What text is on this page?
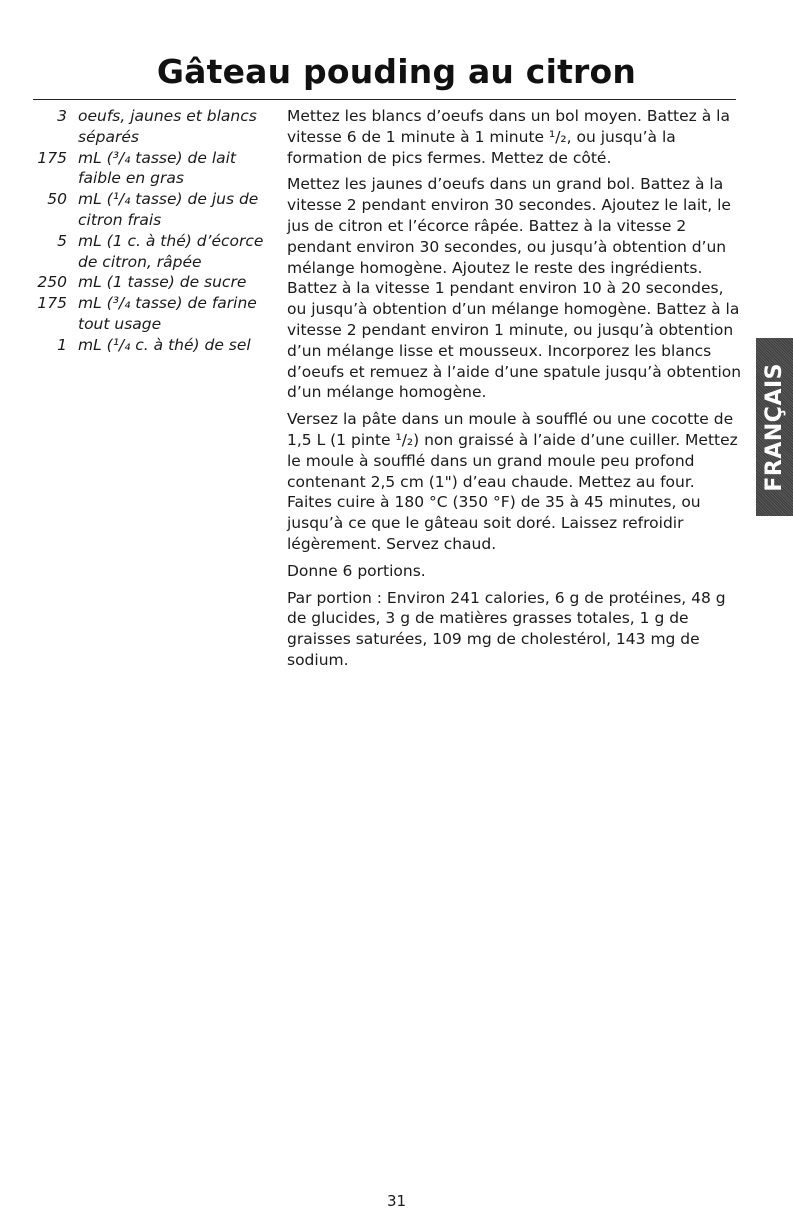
Gâteau pouding au citron
3 oeufs, jaunes et blancs séparés
175 mL (³/₄ tasse) de lait faible en gras
50 mL (¹/₄ tasse) de jus de citron frais
5 mL (1 c. à thé) d’écorce de citron, râpée
250 mL (1 tasse) de sucre
175 mL (³/₄ tasse) de farine tout usage
1 mL (¹/₄ c. à thé) de sel

Mettez les blancs d’oeufs dans un bol moyen. Battez à la vitesse 6 de 1 minute à 1 minute ¹/₂, ou jusqu’à la formation de pics fermes. Mettez de côté.

Mettez les jaunes d’oeufs dans un grand bol. Battez à la vitesse 2 pendant environ 30 secondes. Ajoutez le lait, le jus de citron et l’écorce râpée. Battez à la vitesse 2 pendant environ 30 secondes, ou jusqu’à obtention d’un mélange homogène. Ajoutez le reste des ingrédients. Battez à la vitesse 1 pendant environ 10 à 20 secondes, ou jusqu’à obtention d’un mélange homogène. Battez à la vitesse 2 pendant environ 1 minute, ou jusqu’à obtention d’un mélange lisse et mousseux. Incorporez les blancs d’oeufs et remuez à l’aide d’une spatule jusqu’à obtention d’un mélange homogène.

Versez la pâte dans un moule à soufflé ou une cocotte de 1,5 L (1 pinte ¹/₂) non graissé à l’aide d’une cuiller. Mettez le moule à soufflé dans un grand moule peu profond contenant 2,5 cm (1") d’eau chaude. Mettez au four. Faites cuire à 180 °C (350 °F) de 35 à 45 minutes, ou jusqu’à ce que le gâteau soit doré. Laissez refroidir légèrement. Servez chaud.

Donne 6 portions.

Par portion : Environ 241 calories, 6 g de protéines, 48 g de glucides, 3 g de matières grasses totales, 1 g de graisses saturées, 109 mg de cholestérol, 143 mg de sodium.

FRANÇAIS
31
